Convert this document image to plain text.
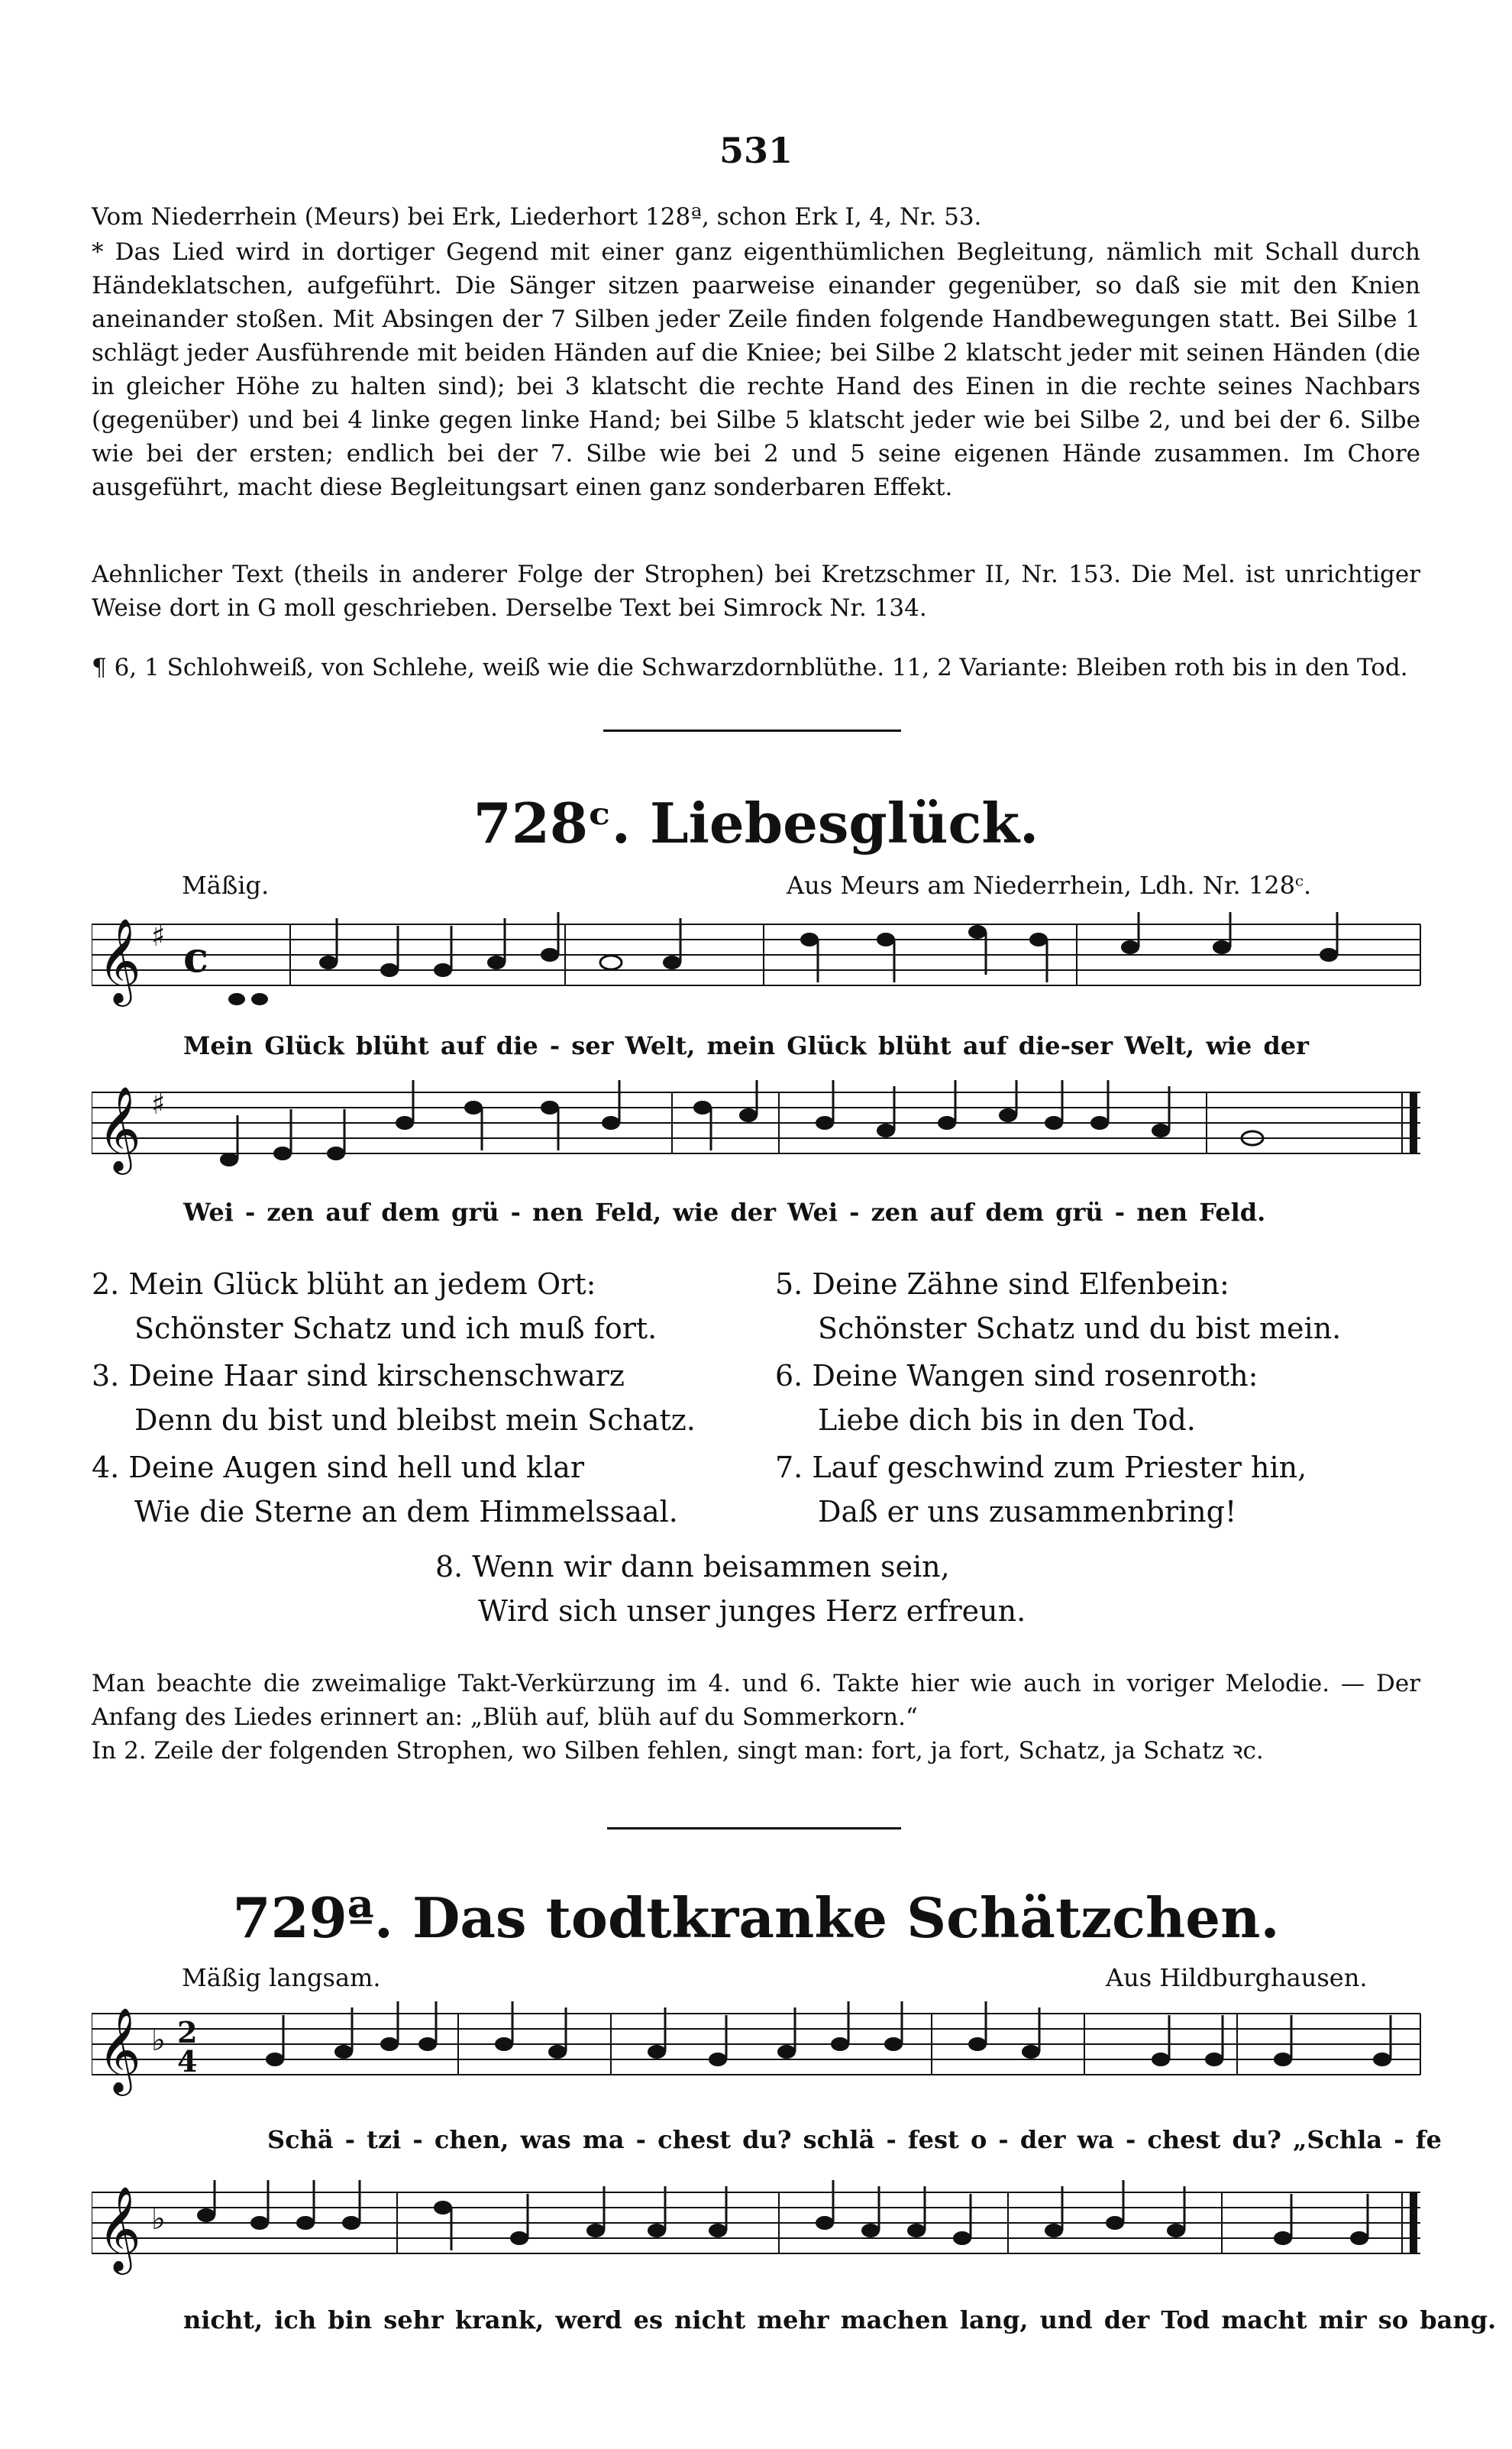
531
Vom Niederrhein (Meurs) bei Erk, Liederhort 128ª, schon Erk I, 4, Nr. 53.
* Das Lied wird in dortiger Gegend mit einer ganz eigenthümlichen Begleitung, nämlich mit Schall durch Händeklatschen, aufgeführt. Die Sänger sitzen paarweise einander gegenüber, so daß sie mit den Knien aneinander stoßen. Mit Absingen der 7 Silben jeder Zeile finden folgende Handbewegungen statt. Bei Silbe 1 schlägt jeder Ausführende mit beiden Händen auf die Kniee; bei Silbe 2 klatscht jeder mit seinen Händen (die in gleicher Höhe zu halten sind); bei 3 klatscht die rechte Hand des Einen in die rechte seines Nachbars (gegenüber) und bei 4 linke gegen linke Hand; bei Silbe 5 klatscht jeder wie bei Silbe 2, und bei der 6. Silbe wie bei der ersten; endlich bei der 7. Silbe wie bei 2 und 5 seine eigenen Hände zusammen. Im Chore ausgeführt, macht diese Begleitungsart einen ganz sonderbaren Effekt.
Aehnlicher Text (theils in anderer Folge der Strophen) bei Kretzschmer II, Nr. 153. Die Mel. ist unrichtiger Weise dort in G moll geschrieben. Derselbe Text bei Simrock Nr. 134.
¶ 6, 1 Schlohweiß, von Schlehe, weiß wie die Schwarzdornblüthe. 11, 2 Variante: Bleiben roth bis in den Tod.
728ᶜ. Liebesglück.
Mäßig.	Aus Meurs am Niederrhein, Ldh. Nr. 128ᶜ.
𝄞 ♯ c
Mein Glück blüht auf die - ser Welt, mein Glück blüht auf die-ser Welt, wie der
𝄞 ♯
Wei - zen auf dem grü - nen Feld, wie der Wei - zen auf dem grü - nen Feld.
2. Mein Glück blüht an jedem Ort:
Schönster Schatz und ich muß fort.
5. Deine Zähne sind Elfenbein:
Schönster Schatz und du bist mein.
3. Deine Haar sind kirschenschwarz
Denn du bist und bleibst mein Schatz.
6. Deine Wangen sind rosenroth:
Liebe dich bis in den Tod.
4. Deine Augen sind hell und klar
Wie die Sterne an dem Himmelssaal.
7. Lauf geschwind zum Priester hin,
Daß er uns zusammenbring!
8. Wenn wir dann beisammen sein,
Wird sich unser junges Herz erfreun.
Man beachte die zweimalige Takt-Verkürzung im 4. und 6. Takte hier wie auch in voriger Melodie. — Der Anfang des Liedes erinnert an: „Blüh auf, blüh auf du Sommerkorn.“
In 2. Zeile der folgenden Strophen, wo Silben fehlen, singt man: fort, ja fort, Schatz, ja Schatz ꝛc.
729ª. Das todtkranke Schätzchen.
Mäßig langsam.	Aus Hildburghausen.
𝄞 ♭ 2
4
Schä - tzi - chen, was ma - chest du? schlä - fest o - der wa - chest du? „Schla - fe
𝄞 ♭
nicht, ich bin sehr krank, werd es nicht mehr machen lang, und der Tod macht mir so bang.
